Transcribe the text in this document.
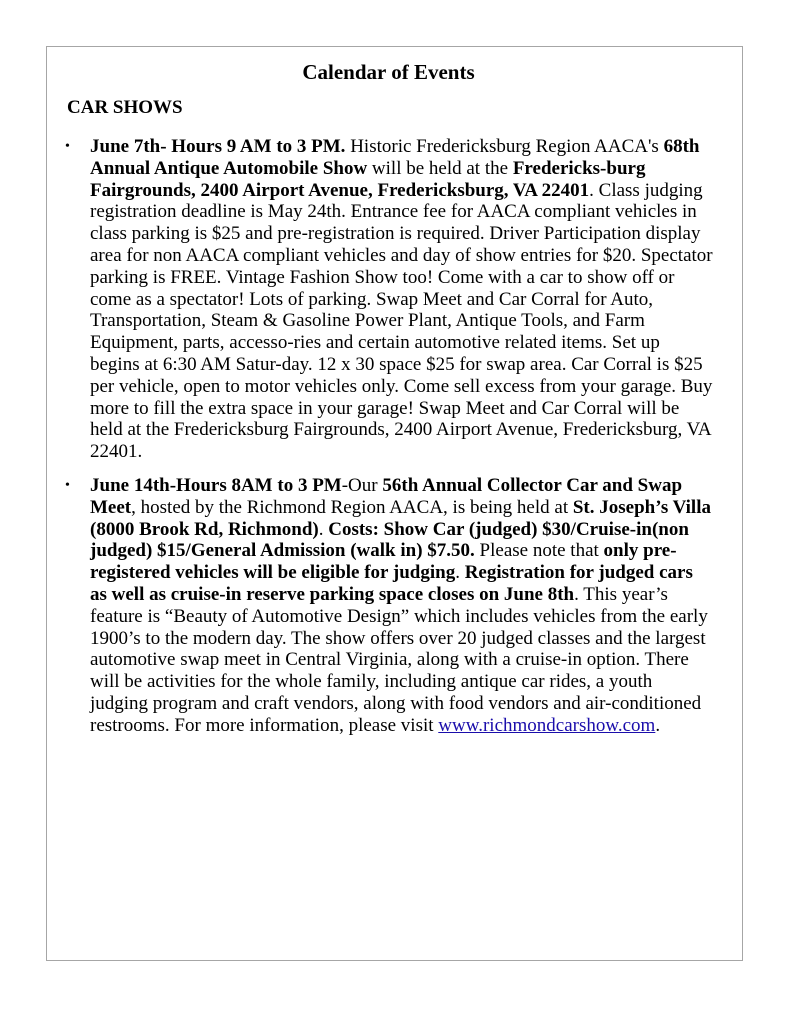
Calendar of Events
CAR SHOWS
• June 7th- Hours 9 AM to 3 PM. Historic Fredericksburg Region AACA's 68th Annual Antique Automobile Show will be held at the Fredericks-burg Fairgrounds, 2400 Airport Avenue, Fredericksburg, VA 22401. Class judging registration deadline is May 24th. Entrance fee for AACA compliant vehicles in class parking is $25 and pre-registration is required. Driver Participation display area for non AACA compliant vehicles and day of show entries for $20. Spectator parking is FREE. Vintage Fashion Show too! Come with a car to show off or come as a spectator! Lots of parking. Swap Meet and Car Corral for Auto, Transportation, Steam & Gasoline Power Plant, Antique Tools, and Farm Equipment, parts, accesso-ries and certain automotive related items. Set up begins at 6:30 AM Satur-day. 12 x 30 space $25 for swap area. Car Corral is $25 per vehicle, open to motor vehicles only. Come sell excess from your garage. Buy more to fill the extra space in your garage! Swap Meet and Car Corral will be held at the Fredericksburg Fairgrounds, 2400 Airport Avenue, Fredericksburg, VA 22401.
• June 14th-Hours 8AM to 3 PM-Our 56th Annual Collector Car and Swap Meet, hosted by the Richmond Region AACA, is being held at St. Joseph’s Villa (8000 Brook Rd, Richmond). Costs: Show Car (judged) $30/Cruise-in(non judged) $15/General Admission (walk in) $7.50. Please note that only pre-registered vehicles will be eligible for judging. Registration for judged cars as well as cruise-in reserve parking space closes on June 8th. This year’s feature is “Beauty of Automotive Design” which includes vehicles from the early 1900’s to the modern day. The show offers over 20 judged classes and the largest automotive swap meet in Central Virginia, along with a cruise-in option. There will be activities for the whole family, including antique car rides, a youth judging program and craft vendors, along with food vendors and air-conditioned restrooms. For more information, please visit www.richmondcarshow.com.
